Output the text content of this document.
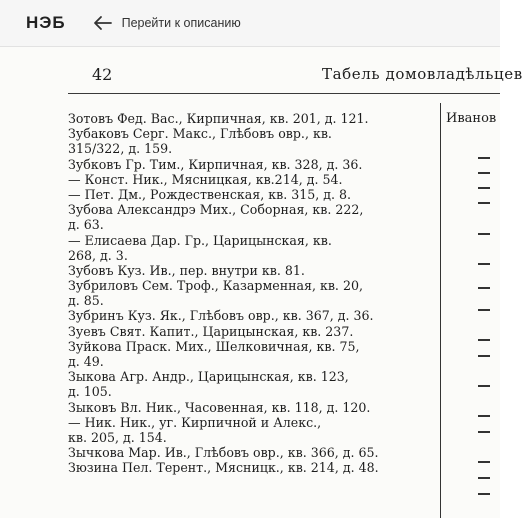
НЭБ	Перейти к описанию
42	Табель домовладѣльцев
Иванов
Зотовъ Фед. Вас., Кирпичная, кв. 201, д. 121.
Зубаковъ Серг. Макс., Глѣбовъ овр., кв.
315/322, д. 159.
Зубковъ Гр. Тим., Кирпичная, кв. 328, д. 36.
— Конст. Ник., Мясницкая, кв.214, д. 54.
— Пет. Дм., Рождественская, кв. 315, д. 8.
Зубова Александрэ Мих., Соборная, кв. 222,
д. 63.
— Елисаева Дар. Гр., Царицынская, кв.
268, д. 3.
Зубовъ Куз. Ив., пер. внутри кв. 81.
Зубриловъ Сем. Троф., Казарменная, кв. 20,
д. 85.
Зубринъ Куз. Як., Глѣбовъ овр., кв. 367, д. 36.
Зуевъ Свят. Капит., Царицынская, кв. 237.
Зуйкова Праск. Мих., Шелковичная, кв. 75,
д. 49.
Зыкова Агр. Андр., Царицынская, кв. 123,
д. 105.
Зыковъ Вл. Ник., Часовенная, кв. 118, д. 120.
— Ник. Ник., уг. Кирпичной и Алекс.,
кв. 205, д. 154.
Зычкова Мар. Ив., Глѣбовъ овр., кв. 366, д. 65.
Зюзина Пел. Терент., Мясницк., кв. 214, д. 48.
